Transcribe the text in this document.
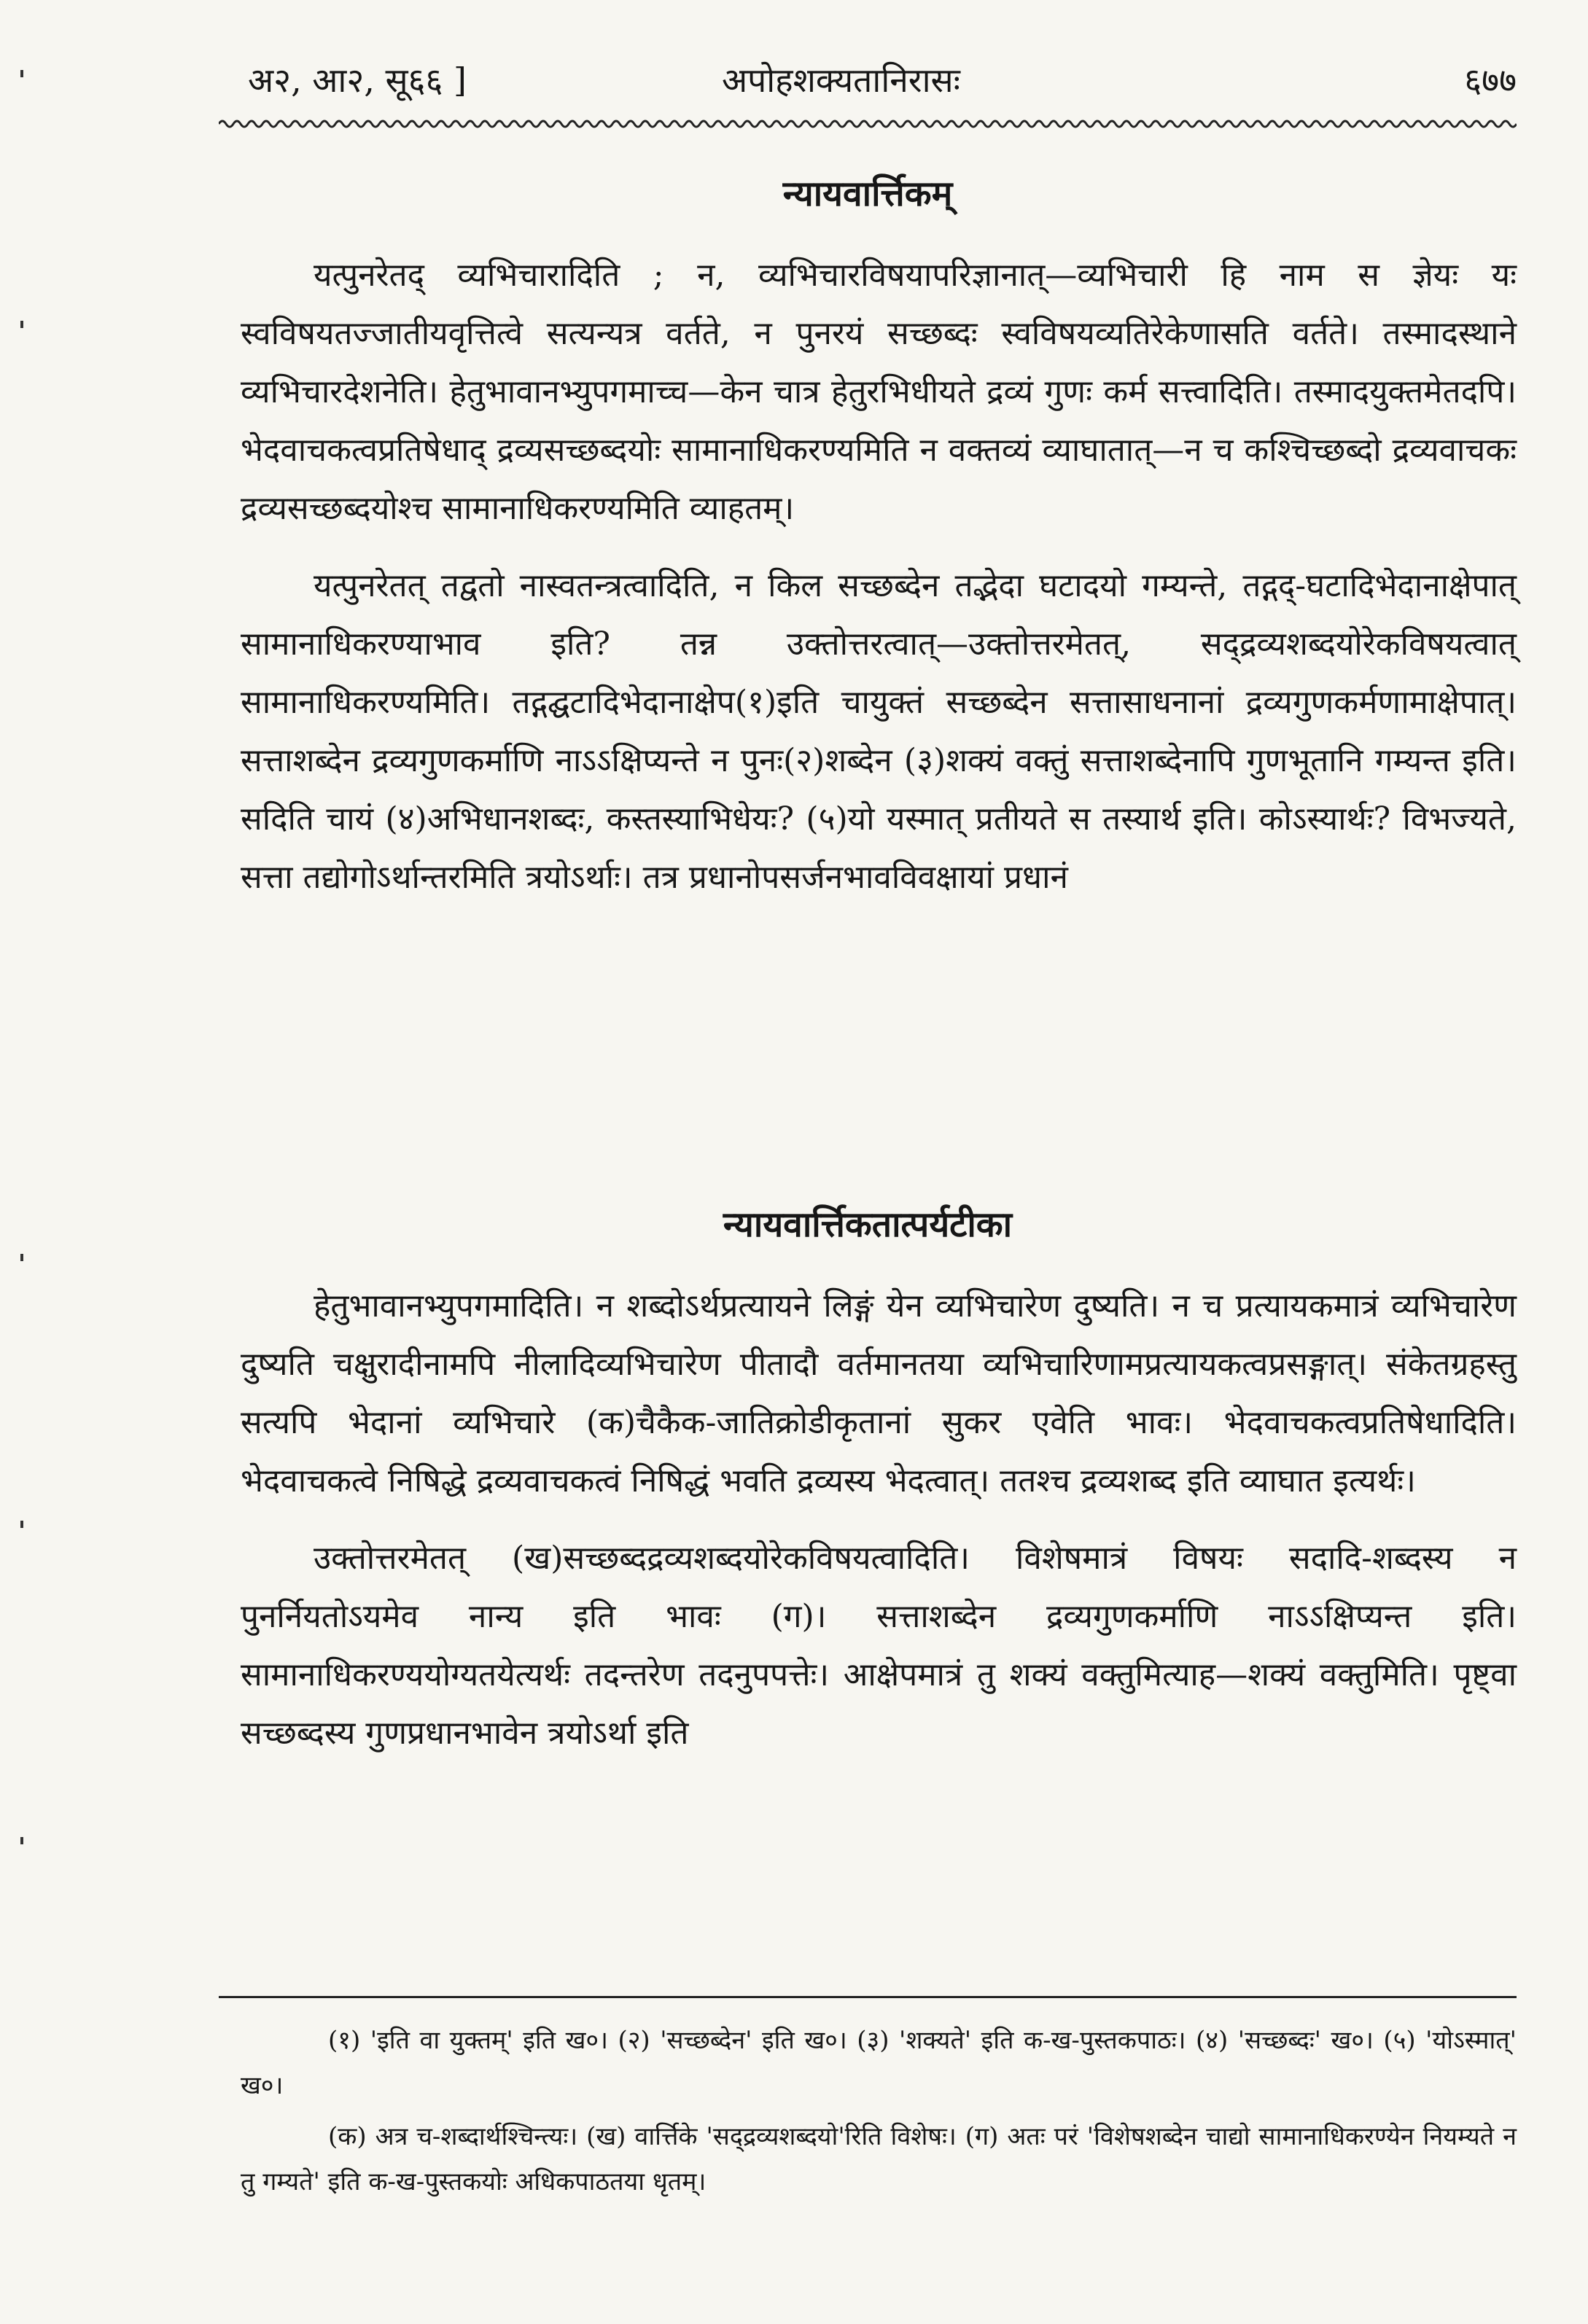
अ२, आ२, सू६६ ]	अपोहशक्यतानिरासः	६७७
न्यायवार्त्तिकम्

यत्पुनरेतद् व्यभिचारादिति ; न, व्यभिचारविषयापरिज्ञानात्—व्यभिचारी हि नाम स ज्ञेयः यः स्वविषयतज्जातीयवृत्तित्वे सत्यन्यत्र वर्तते, न पुनरयं सच्छब्दः स्वविषयव्यतिरेकेणासति वर्तते। तस्मादस्थाने व्यभिचारदेशनेति। हेतुभावानभ्युपगमाच्च—केन चात्र हेतुरभिधीयते द्रव्यं गुणः कर्म सत्त्वादिति। तस्मादयुक्तमेतदपि। भेदवाचकत्वप्रतिषेधाद् द्रव्यसच्छब्दयोः सामानाधिकरण्यमिति न वक्तव्यं व्याघातात्—न च कश्चिच्छब्दो द्रव्यवाचकः द्रव्यसच्छब्दयोश्च सामानाधिकरण्यमिति व्याहतम्।

यत्पुनरेतत् तद्वतो नास्वतन्त्रत्वादिति, न किल सच्छब्देन तद्भेदा घटादयो गम्यन्ते, तद्गद्-घटादिभेदानाक्षेपात् सामानाधिकरण्याभाव इति? तन्न उक्तोत्तरत्वात्—उक्तोत्तरमेतत्, सद्द्रव्यशब्दयोरेकविषयत्वात् सामानाधिकरण्यमिति। तद्गद्घटादिभेदानाक्षेप(१)इति चायुक्तं सच्छब्देन सत्तासाधनानां द्रव्यगुणकर्मणामाक्षेपात्। सत्ताशब्देन द्रव्यगुणकर्माणि नाऽऽक्षिप्यन्ते न पुनः(२)शब्देन (३)शक्यं वक्तुं सत्ताशब्देनापि गुणभूतानि गम्यन्त इति। सदिति चायं (४)अभिधानशब्दः, कस्तस्याभिधेयः? (५)यो यस्मात् प्रतीयते स तस्यार्थ इति। कोऽस्यार्थः? विभज्यते, सत्ता तद्योगोऽर्थान्तरमिति त्रयोऽर्थाः। तत्र प्रधानोपसर्जनभावविवक्षायां प्रधानं

न्यायवार्त्तिकतात्पर्यटीका

हेतुभावानभ्युपगमादिति। न शब्दोऽर्थप्रत्यायने लिङ्गं येन व्यभिचारेण दुष्यति। न च प्रत्यायकमात्रं व्यभिचारेण दुष्यति चक्षुरादीनामपि नीलादिव्यभिचारेण पीतादौ वर्तमानतया व्यभिचारिणामप्रत्यायकत्वप्रसङ्गात्। संकेतग्रहस्तु सत्यपि भेदानां व्यभिचारे (क)चैकैक-जातिक्रोडीकृतानां सुकर एवेति भावः। भेदवाचकत्वप्रतिषेधादिति। भेदवाचकत्वे निषिद्धे द्रव्यवाचकत्वं निषिद्धं भवति द्रव्यस्य भेदत्वात्। ततश्च द्रव्यशब्द इति व्याघात इत्यर्थः।

उक्तोत्तरमेतत् (ख)सच्छब्दद्रव्यशब्दयोरेकविषयत्वादिति। विशेषमात्रं विषयः सदादि-शब्दस्य न पुनर्नियतोऽयमेव नान्य इति भावः (ग)। सत्ताशब्देन द्रव्यगुणकर्माणि नाऽऽक्षिप्यन्त इति। सामानाधिकरण्ययोग्यतयेत्यर्थः तदन्तरेण तदनुपपत्तेः। आक्षेपमात्रं तु शक्यं वक्तुमित्याह—शक्यं वक्तुमिति। पृष्ट्वा सच्छब्दस्य गुणप्रधानभावेन त्रयोऽर्था इति

(१) 'इति वा युक्तम्' इति ख०। (२) 'सच्छब्देन' इति ख०। (३) 'शक्यते' इति क-ख-पुस्तकपाठः। (४) 'सच्छब्दः' ख०। (५) 'योऽस्मात्' ख०।

(क) अत्र च-शब्दार्थश्चिन्त्यः। (ख) वार्त्तिके 'सद्द्रव्यशब्दयो'रिति विशेषः। (ग) अतः परं 'विशेषशब्देन चाद्यो सामानाधिकरण्येन नियम्यते न तु गम्यते' इति क-ख-पुस्तकयोः अधिकपाठतया धृतम्।
